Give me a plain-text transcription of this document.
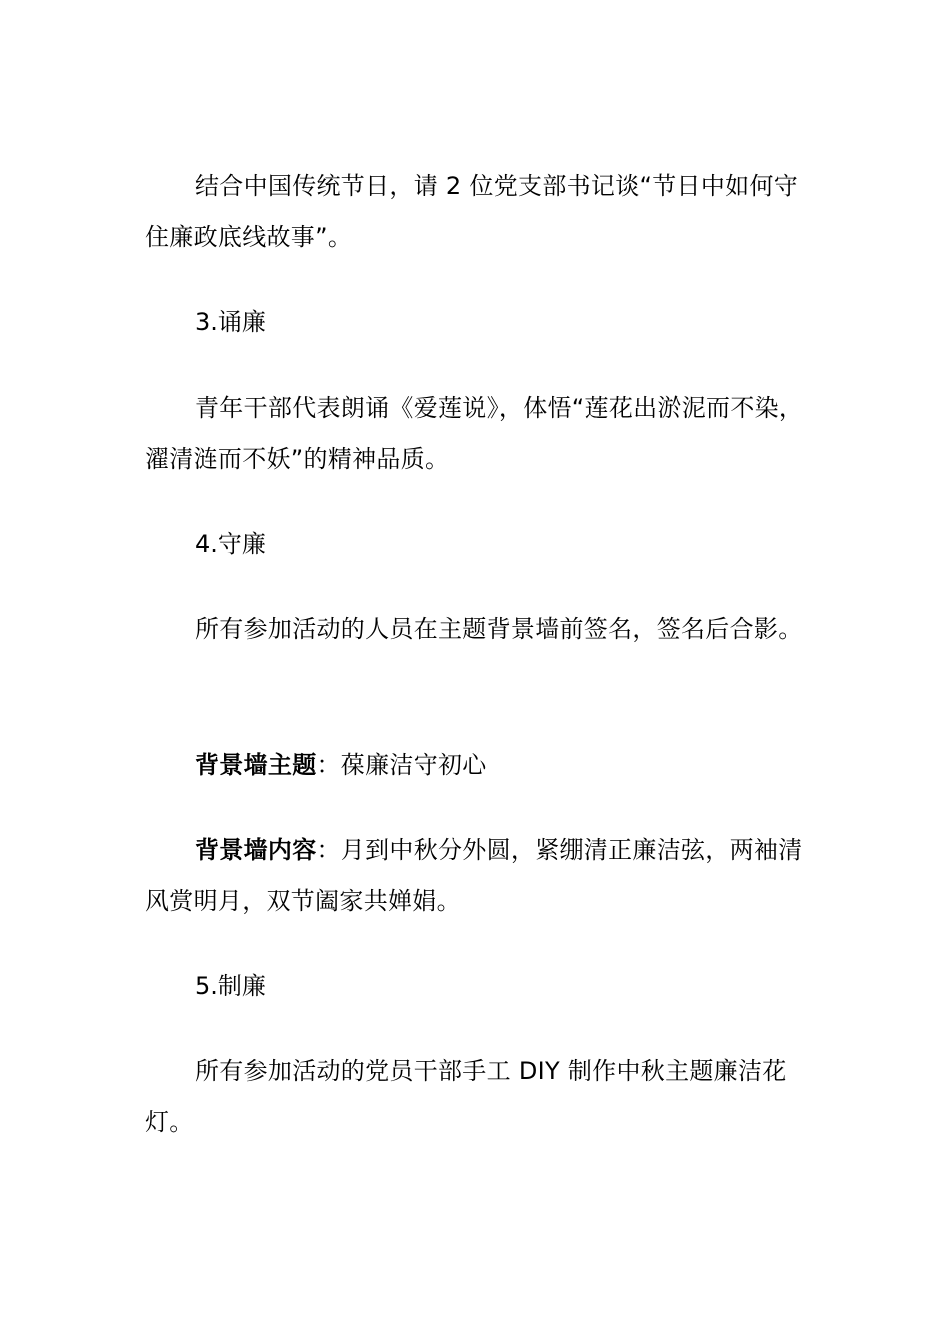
结合中国传统节日，请 2 位党支部书记谈“节日中如何守住廉政底线故事”。

3.诵廉

青年干部代表朗诵《爱莲说》，体悟“莲花出淤泥而不染，濯清涟而不妖”的精神品质。

4.守廉

所有参加活动的人员在主题背景墙前签名，签名后合影。

背景墙主题：葆廉洁守初心

背景墙内容：月到中秋分外圆，紧绷清正廉洁弦，两袖清风赏明月，双节阖家共婵娟。

5.制廉

所有参加活动的党员干部手工 DIY 制作中秋主题廉洁花灯。
